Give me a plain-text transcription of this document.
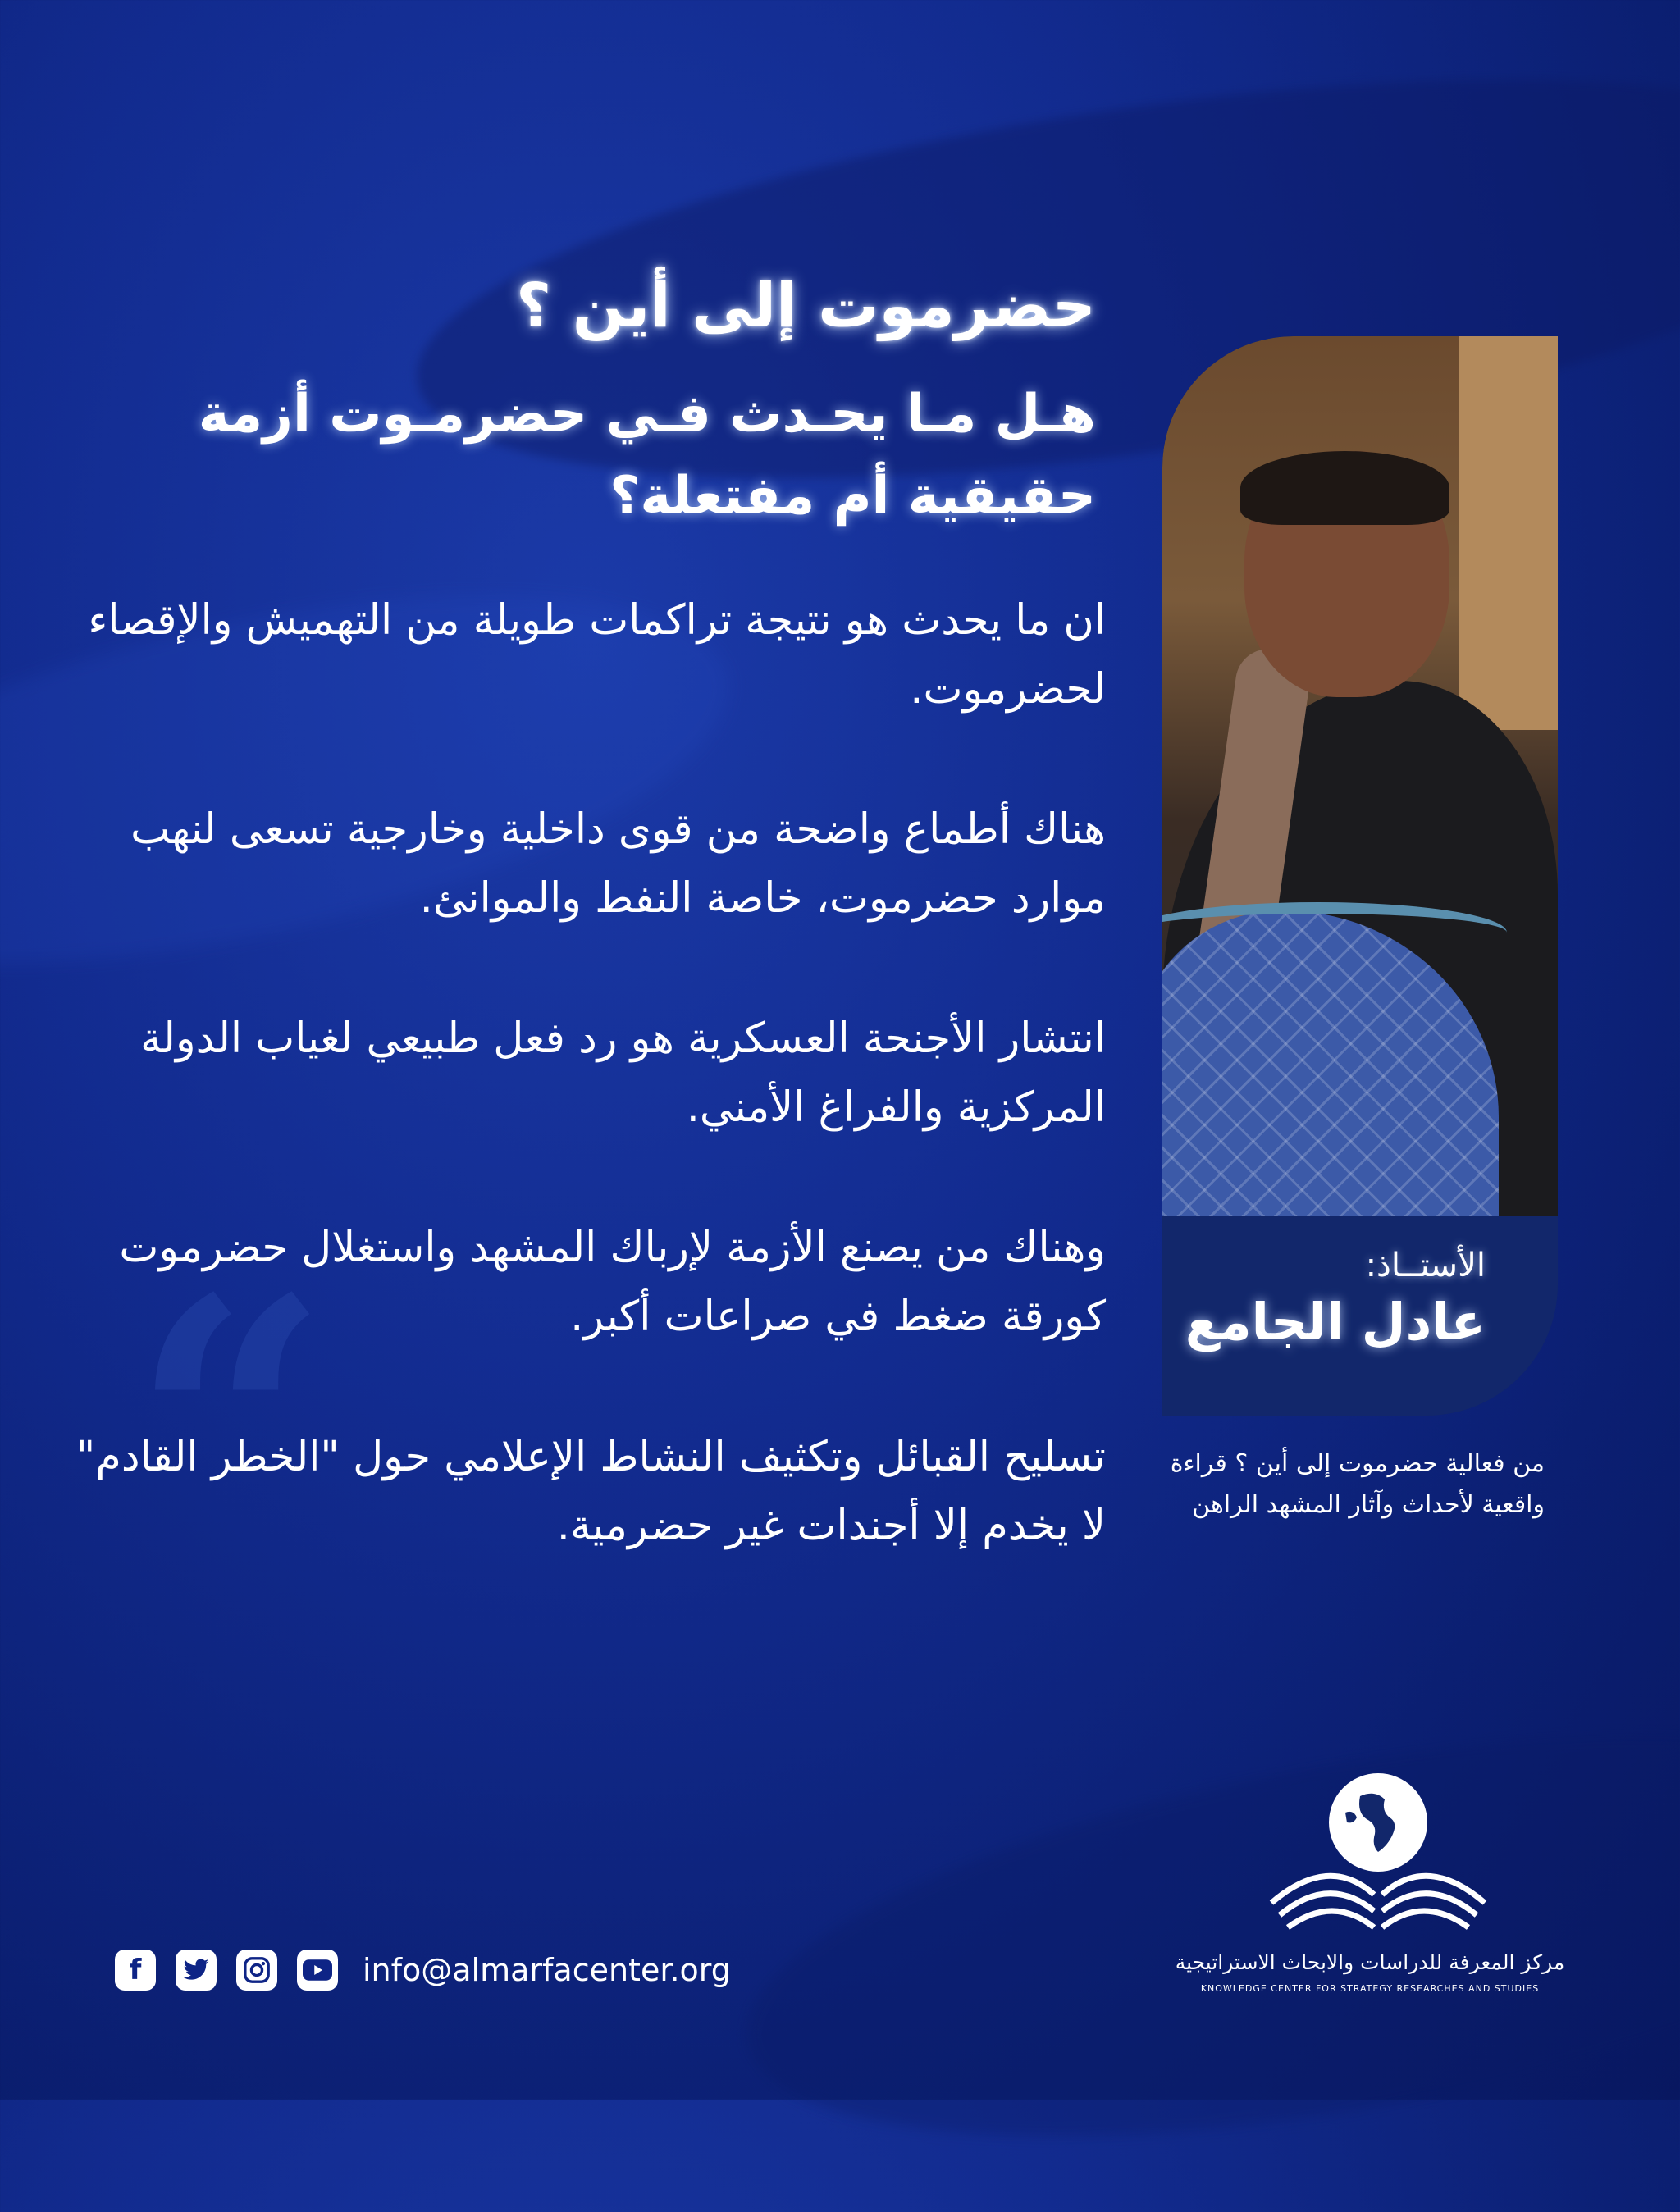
حضرموت إلى أين ؟
هـل مـا يحـدث فـي حضرمـوت أزمة حقيقية أم مفتعلة؟

ان ما يحدث هو نتيجة تراكمات طويلة من التهميش والإقصاء لحضرموت.

هناك أطماع واضحة من قوى داخلية وخارجية تسعى لنهب موارد حضرموت، خاصة النفط والموانئ.

انتشار الأجنحة العسكرية هو رد فعل طبيعي لغياب الدولة المركزية والفراغ الأمني.

وهناك من يصنع الأزمة لإرباك المشهد واستغلال حضرموت كورقة ضغط في صراعات أكبر.

تسليح القبائل وتكثيف النشاط الإعلامي حول "الخطر القادم" لا يخدم إلا أجندات غير حضرمية.

“	الأستــاذ:

عادل الجامع

من فعالية حضرموت إلى أين ؟ قراءة واقعية لأحداث وآثار المشهد الراهن

مركز المعرفة للدراسات والابحاث الاستراتيجية

KNOWLEDGE CENTER FOR STRATEGY RESEARCHES AND STUDIES

f	info@almarfacenter.org
